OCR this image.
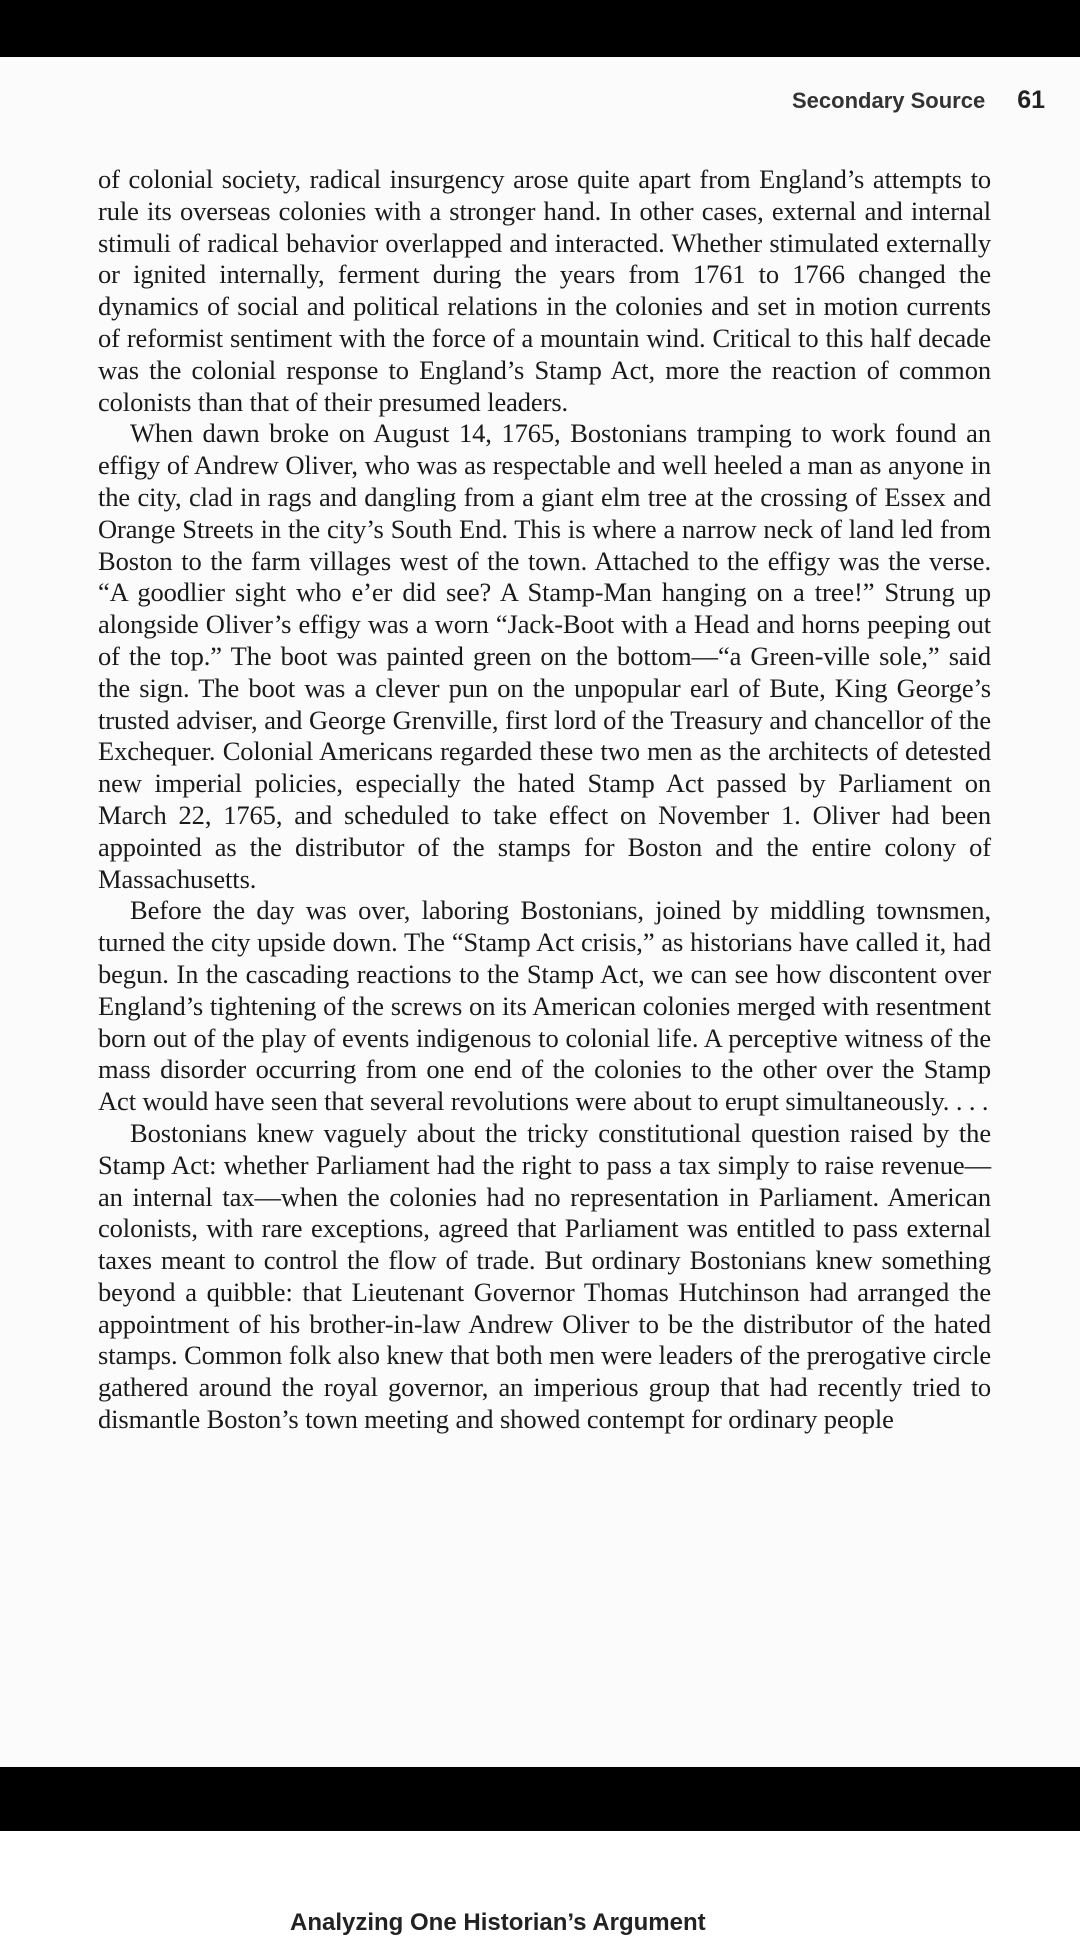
Secondary Source 61

of colonial society, radical insurgency arose quite apart from England’s attempts to rule its overseas colonies with a stronger hand. In other cases, external and internal stimuli of radical behavior overlapped and interacted. Whether stimulated externally or ignited internally, ferment during the years from 1761 to 1766 changed the dynamics of social and political relations in the colonies and set in motion currents of reformist sentiment with the force of a mountain wind. Critical to this half decade was the colonial response to England’s Stamp Act, more the reaction of common colonists than that of their presumed leaders.

When dawn broke on August 14, 1765, Bostonians tramping to work found an effigy of Andrew Oliver, who was as respectable and well heeled a man as anyone in the city, clad in rags and dangling from a giant elm tree at the crossing of Essex and Orange Streets in the city’s South End. This is where a narrow neck of land led from Boston to the farm villages west of the town. Attached to the effigy was the verse. “A goodlier sight who e’er did see? A Stamp-Man hanging on a tree!” Strung up alongside Oliver’s effigy was a worn “Jack-Boot with a Head and horns peeping out of the top.” The boot was painted green on the bottom—“a Green-ville sole,” said the sign. The boot was a clever pun on the unpopular earl of Bute, King George’s trusted adviser, and George Grenville, first lord of the Treasury and chancellor of the Exchequer. Colonial Americans regarded these two men as the architects of detested new imperial policies, especially the hated Stamp Act passed by Parliament on March 22, 1765, and scheduled to take effect on November 1. Oliver had been appointed as the distributor of the stamps for Boston and the entire colony of Massachusetts.

Before the day was over, laboring Bostonians, joined by middling townsmen, turned the city upside down. The “Stamp Act crisis,” as historians have called it, had begun. In the cascading reactions to the Stamp Act, we can see how discontent over England’s tightening of the screws on its American colonies merged with resentment born out of the play of events indigenous to colonial life. A perceptive witness of the mass disorder occurring from one end of the colonies to the other over the Stamp Act would have seen that several revolutions were about to erupt simultaneously. . . .

Bostonians knew vaguely about the tricky constitutional question raised by the Stamp Act: whether Parliament had the right to pass a tax simply to raise revenue—an internal tax—when the colonies had no representation in Parliament. American colonists, with rare exceptions, agreed that Parliament was entitled to pass external taxes meant to control the flow of trade. But ordinary Bostonians knew something beyond a quibble: that Lieutenant Governor Thomas Hutchinson had arranged the appointment of his brother-in-law Andrew Oliver to be the distributor of the hated stamps. Common folk also knew that both men were leaders of the prerogative circle gathered around the royal governor, an imperious group that had recently tried to dismantle Boston’s town meeting and showed contempt for ordinary people

Analyzing One Historian’s Argument
